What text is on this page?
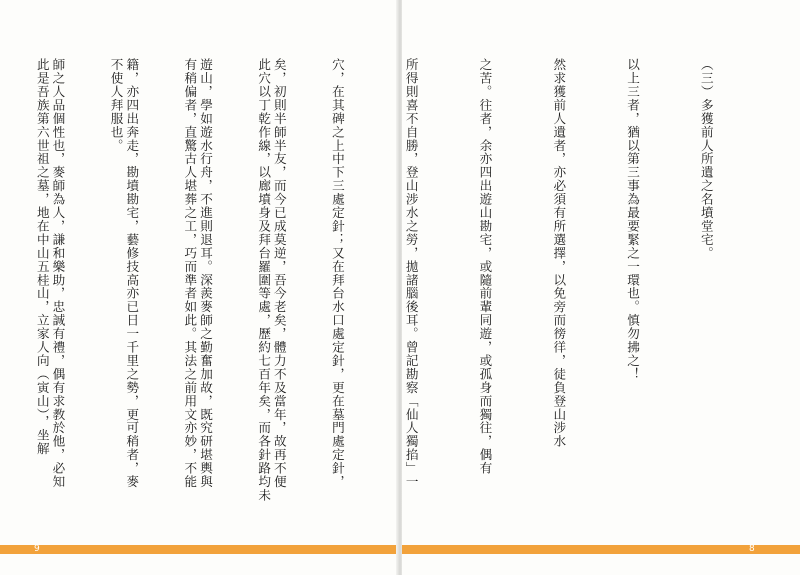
矣，初則半師半友，而今已成莫逆，吾今老矣，體力不及當年，故再不便

遊山，學如遊水行舟，不進則退耳。深羨麥師之勤奮加故，既究研堪輿與

籍，亦四出奔走，勘墳勘宅，藝修技高亦已日一千里之勢，更可稍者，麥

師之人品個性也，麥師為人，謙和樂助，忠誠有禮，偶有求教於他，必知

9

（三）多獲前人所遺之名墳堂宅。

以上三者，猶以第三事為最要緊之一環也。慎勿拂之！

然求獲前人遺者，亦必須有所選擇，以免旁而徬徉，徒負登山涉水

之苦。往者，余亦四出遊山勘宅，或隨前輩同遊，或孤身而獨往，偶有

所得則喜不自勝，登山涉水之勞，拋諸腦後耳。曾記勘察「仙人獨掐」一

穴，在其碑之上中下三處定針；又在拜台水口處定針，更在墓門處定針，

此穴以丁乾作線，以廊墳身及拜台羅圍等處，歷約七百年矣，而各針路均未

有稍偏者，直驚古人堪葬之工，巧而準者如此。其法之前用文亦妙，不能

不使人拜服也。

此是吾族第六世祖之墓，地在中山五桂山，立家人向（寅山），坐解

8
